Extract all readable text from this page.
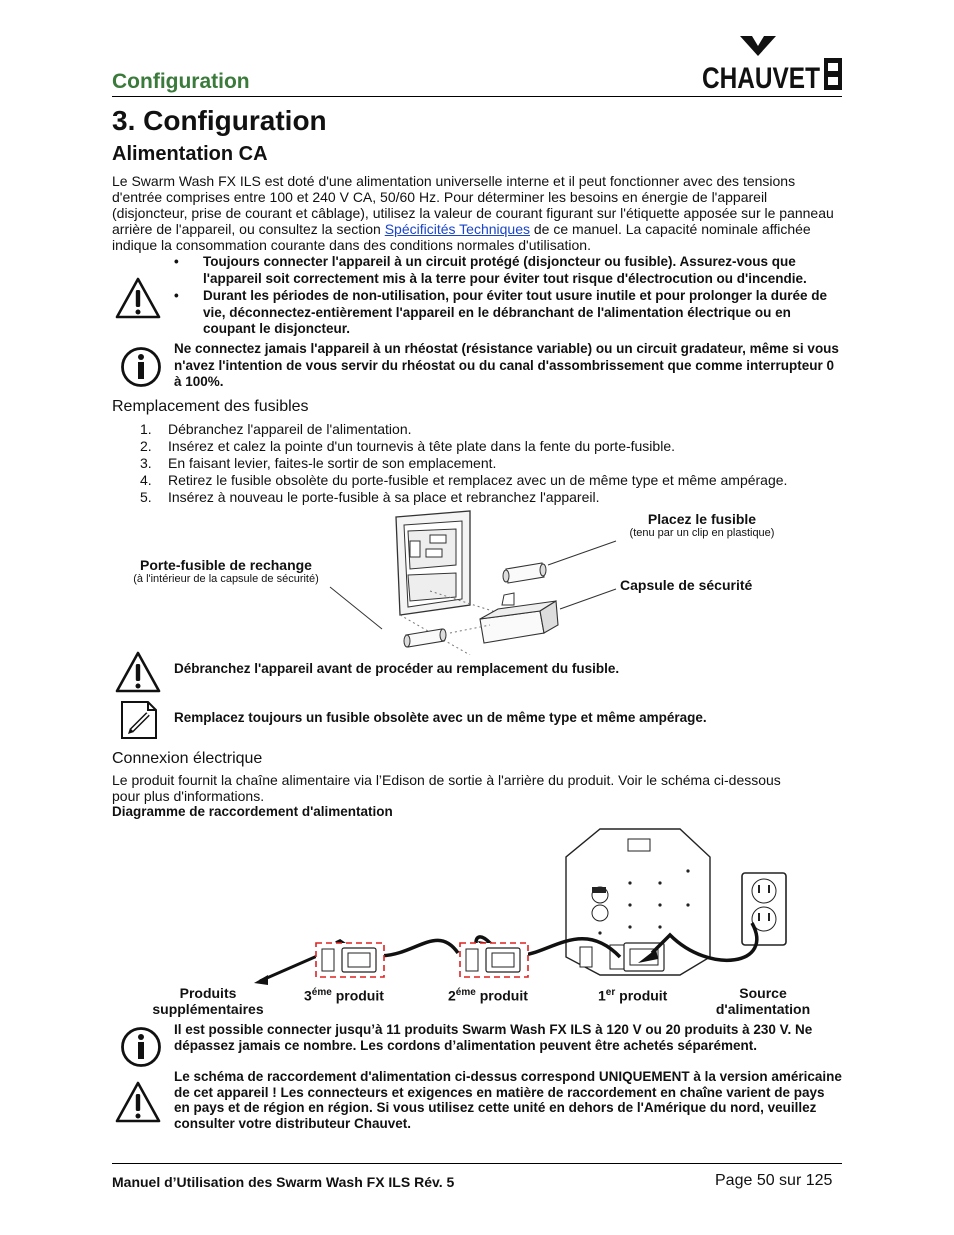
Configuration	CHAUVET
3. Configuration
Alimentation CA
Le Swarm Wash FX ILS est doté d'une alimentation universelle interne et il peut fonctionner avec des tensions d'entrée comprises entre 100 et 240 V CA, 50/60 Hz. Pour déterminer les besoins en énergie de l'appareil (disjoncteur, prise de courant et câblage), utilisez la valeur de courant figurant sur l'étiquette apposée sur le panneau arrière de l'appareil, ou consultez la section Spécificités Techniques de ce manuel. La capacité nominale affichée indique la consommation courante dans des conditions normales d'utilisation.
•	Toujours connecter l'appareil à un circuit protégé (disjoncteur ou fusible). Assurez-vous que l'appareil soit correctement mis à la terre pour éviter tout risque d'électrocution ou d'incendie.
•	Durant les périodes de non-utilisation, pour éviter tout usure inutile et pour prolonger la durée de vie, déconnectez-entièrement l'appareil en le débranchant de l'alimentation électrique ou en coupant le disjoncteur.
Ne connectez jamais l'appareil à un rhéostat (résistance variable) ou un circuit gradateur, même si vous n'avez l'intention de vous servir du rhéostat ou du canal d'assombrissement que comme interrupteur 0 à 100%.
Remplacement des fusibles
1.	Débranchez l'appareil de l'alimentation.
2.	Insérez et calez la pointe d'un tournevis à tête plate dans la fente du porte-fusible.
3.	En faisant levier, faites-le sortir de son emplacement.
4.	Retirez le fusible obsolète du porte-fusible et remplacez avec un de même type et même ampérage.
5.	Insérez à nouveau le porte-fusible à sa place et rebranchez l'appareil.
Porte-fusible de rechange
(à l'intérieur de la capsule de sécurité)
Placez le fusible
(tenu par un clip en plastique)
Capsule de sécurité
Débranchez l'appareil avant de procéder au remplacement du fusible.
Remplacez toujours un fusible obsolète avec un de même type et même ampérage.
Connexion électrique
Le produit fournit la chaîne alimentaire via l’Edison de sortie à l'arrière du produit. Voir le schéma ci-dessous pour plus d'informations.
Diagramme de raccordement d'alimentation
Produits
supplémentaires
$3^{éme}$ produit	$2^{éme}$ produit	1er produit	Source
d'alimentation
Il est possible connecter jusqu’à 11 produits Swarm Wash FX ILS à 120 V ou 20 produits à 230 V. Ne dépassez jamais ce nombre. Les cordons d’alimentation peuvent être achetés séparément.
Le schéma de raccordement d'alimentation ci-dessus correspond UNIQUEMENT à la version américaine de cet appareil ! Les connecteurs et exigences en matière de raccordement en chaîne varient de pays en pays et de région en région. Si vous utilisez cette unité en dehors de l'Amérique du nord, veuillez consulter votre distributeur Chauvet.
Manuel d’Utilisation des Swarm Wash FX ILS Rév. 5	Page 50 sur 125
